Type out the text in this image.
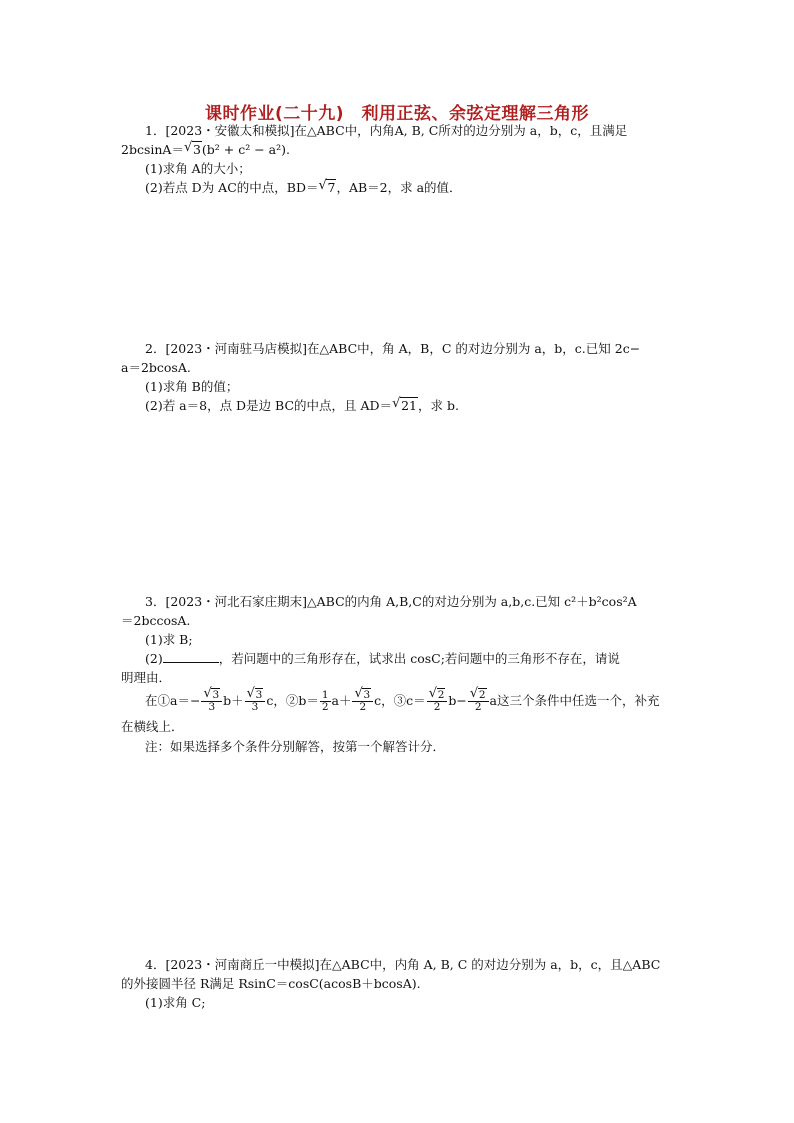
课时作业(二十九)　利用正弦、余弦定理解三角形
1．[2023・安徽太和模拟]在△ABC中，内角A, B, C所对的边分别为 a，b，c，且满足
2bcsinA＝ √ 3(b² + c² − a²).
(1)求角 A的大小；
(2)若点 D为 AC的中点，BD＝ √ 7，AB＝2，求 a的值．
2．[2023・河南驻马店模拟]在△ABC中，角 A，B，C 的对边分别为 a，b，c.已知 2c−
a＝2bcosA.
(1)求角 B的值；
(2)若 a＝8，点 D是边 BC的中点，且 AD＝ √ 21，求 b.
3．[2023・河北石家庄期末]△ABC的内角 A,B,C的对边分别为 a,b,c.已知 c²＋b²cos²A
＝2bccosA.
(1)求 B;
(2)	，若问题中的三角形存在，试求出 cosC;若问题中的三角形不存在，请说
明理由．
在①a＝− √ $\frac{3}{3} b+$ √ $\frac{3}{3}$ c，②b＝ $\frac{1}{2} a+$ √ $\frac{3}{2}$ c，③c＝ √ $\frac{2}{2} b-$ √ $\frac{2}{2}$ a这三个条件中任选一个，补充
在横线上．
注：如果选择多个条件分别解答，按第一个解答计分．
4．[2023・河南商丘一中模拟]在△ABC中，内角 A, B, C 的对边分别为 a，b，c，且△ABC
的外接圆半径 R满足 RsinC＝cosC(acosB＋bcosA).
(1)求角 C;
